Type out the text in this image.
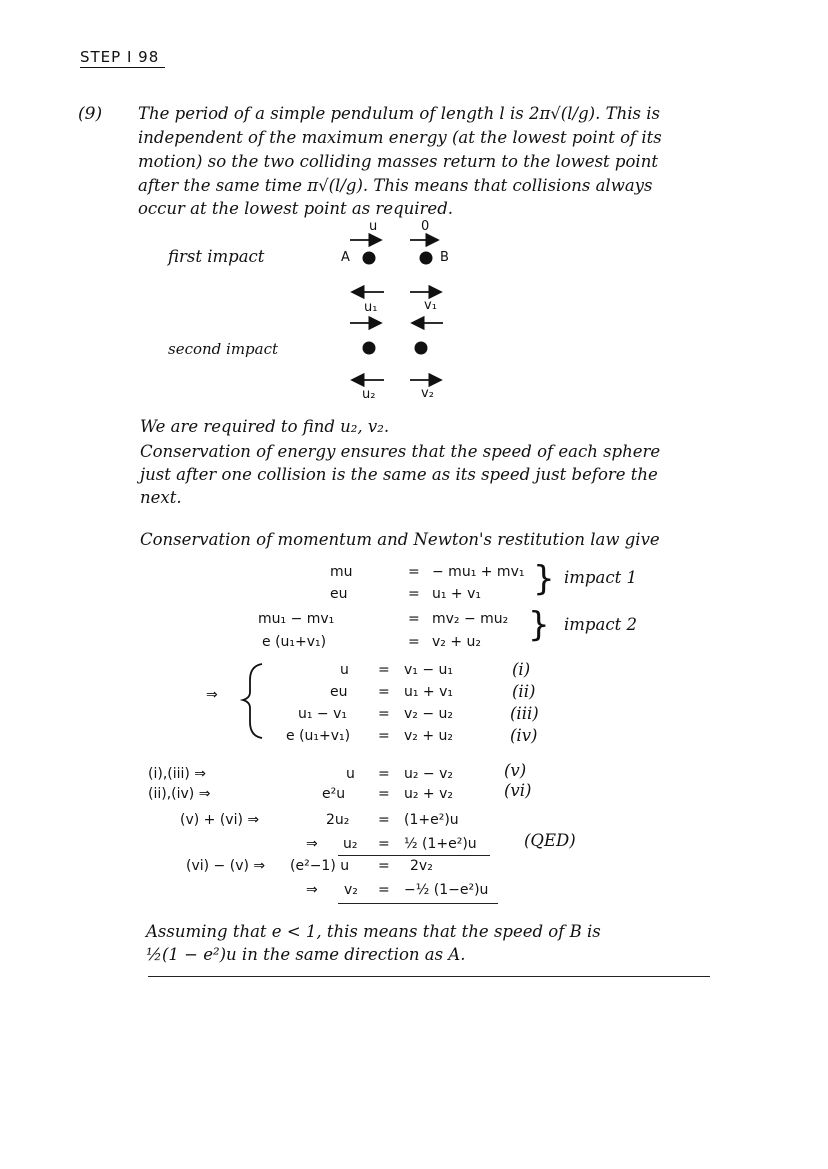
STEP I 98
(9) The period of a simple pendulum of length l is 2π√(l/g). This is
independent of the maximum energy (at the lowest point of its
motion) so the two colliding masses return to the lowest point
after the same time π√(l/g). This means that collisions always
occur at the lowest point as required.
first impact
second impact
A	B
u	0
u₁	v₁
u₂	v₂
We are required to find u₂, v₂.
Conservation of energy ensures that the speed of each sphere
just after one collision is the same as its speed just before the
next.
Conservation of momentum and Newton's restitution law give
mu	= − mu₁ + mv₁
eu	= u₁ + v₁ } impact 1
mu₁ − mv₁	= mv₂ − mu₂
e (u₁+v₁)	= v₂ + u₂ } impact 2
⇒
u = v₁ − u₁	(i)
eu = u₁ + v₁	(ii)
u₁ − v₁ = v₂ − u₂	(iii)
e (u₁+v₁) = v₂ + u₂	(iv)
(i),(iii) ⇒	u = u₂ − v₂	(v)
(ii),(iv) ⇒	e²u = u₂ + v₂	(vi)
(v) + (vi) ⇒	2u₂ = (1+e²)u
⇒ u₂ = ½ (1+e²)u	(QED)
(vi) − (v) ⇒ (e²−1) u = 2v₂
⇒ v₂ = −½ (1−e²)u
Assuming that e < 1, this means that the speed of B is
½(1 − e²)u in the same direction as A.
